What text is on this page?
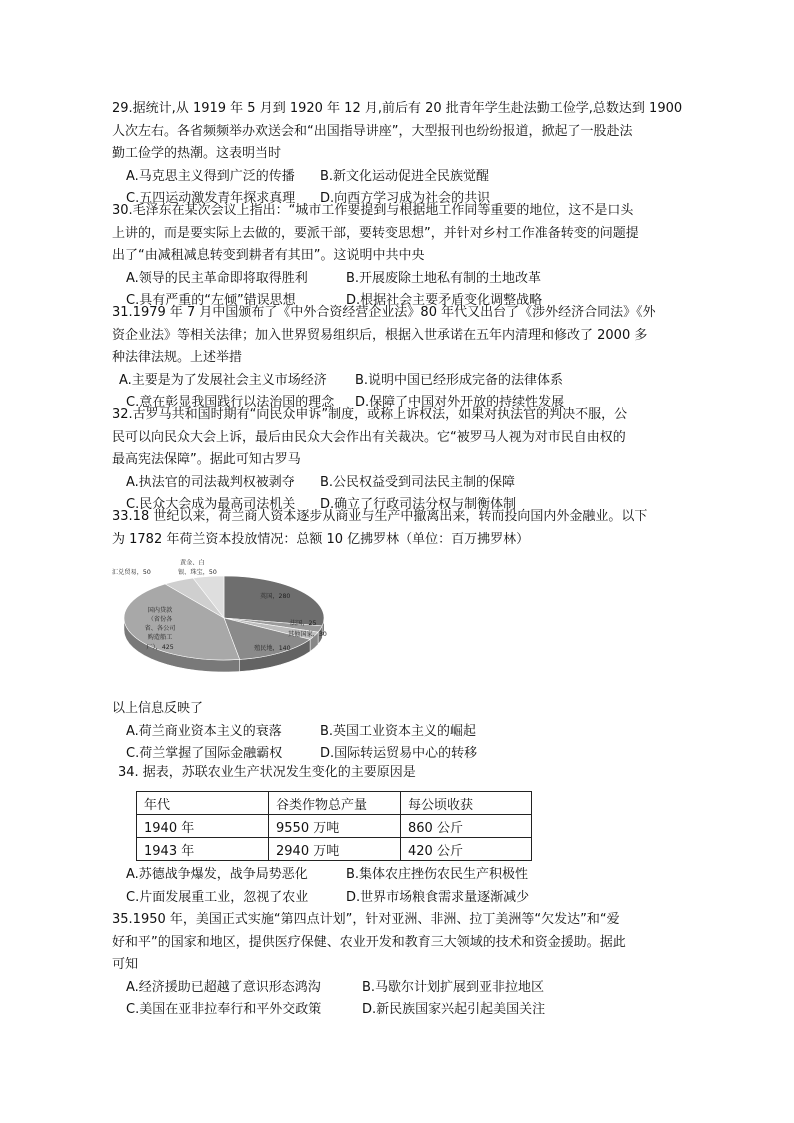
29.据统计,从 1919 年 5 月到 1920 年 12 月,前后有 20 批青年学生赴法勤工俭学,总数达到 1900
人次左右。各省频频举办欢送会和“出国指导讲座”，大型报刊也纷纷报道，掀起了一股赴法
勤工俭学的热潮。这表明当时
A.马克思主义得到广泛的传播	B.新文化运动促进全民族觉醒
C.五四运动激发青年探求真理	D.向西方学习成为社会的共识
30.毛泽东在某次会议上指出：“城市工作要提到与根据地工作同等重要的地位，这不是口头
上讲的，而是要实际上去做的，要派干部，要转变思想”，并针对乡村工作准备转变的问题提
出了“由减租减息转变到耕者有其田”。这说明中共中央
A.领导的民主革命即将取得胜利	B.开展废除土地私有制的土地改革
C.具有严重的“左倾”错误思想	D.根据社会主要矛盾变化调整战略
31.1979 年 7 月中国颁布了《中外合资经营企业法》80 年代又出台了《涉外经济合同法》《外
资企业法》等相关法律；加入世界贸易组织后，根据入世承诺在五年内清理和修改了 2000 多
种法律法规。上述举措
A.主要是为了发展社会主义市场经济	B.说明中国已经形成完备的法律体系
C.意在彰显我国践行以法治国的理念	D.保障了中国对外开放的持续性发展
32.古罗马共和国时期有“向民众申诉”制度，或称上诉权法，如果对执法官的判决不服，公
民可以向民众大会上诉，最后由民众大会作出有关裁决。它“被罗马人视为对市民自由权的
最高宪法保障”。据此可知古罗马
A.执法官的司法裁判权被剥夺	B.公民权益受到司法民主制的保障
C.民众大会成为最高司法机关	D.确立了行政司法分权与制衡体制
33.18 世纪以来，荷兰商人资本逐步从商业与生产中撤离出来，转而投向国内外金融业。以下
为 1782 年荷兰资本投放情况：总额 10 亿拂罗林（单位：百万拂罗林）
黄金、白
汇兑贸易，50	银、珠宝，50
英国，280
法国，25
其他国家，30
殖民地，140
国内贷款
（省份各
省、各公司
购造船工
厂），425
以上信息反映了
A.荷兰商业资本主义的衰落	B.英国工业资本主义的崛起
C.荷兰掌握了国际金融霸权	D.国际转运贸易中心的转移
34. 据表，苏联农业生产状况发生变化的主要原因是
年代	谷类作物总产量	每公顷收获
1940 年	9550 万吨	860 公斤
1943 年	2940 万吨	420 公斤
A.苏德战争爆发，战争局势恶化	B.集体农庄挫伤农民生产积极性
C.片面发展重工业，忽视了农业	D.世界市场粮食需求量逐渐减少
35.1950 年，美国正式实施“第四点计划”，针对亚洲、非洲、拉丁美洲等“欠发达”和“爱
好和平”的国家和地区，提供医疗保健、农业开发和教育三大领域的技术和资金援助。据此
可知
A.经济援助已超越了意识形态鸿沟	B.马歇尔计划扩展到亚非拉地区
C.美国在亚非拉奉行和平外交政策	D.新民族国家兴起引起美国关注
